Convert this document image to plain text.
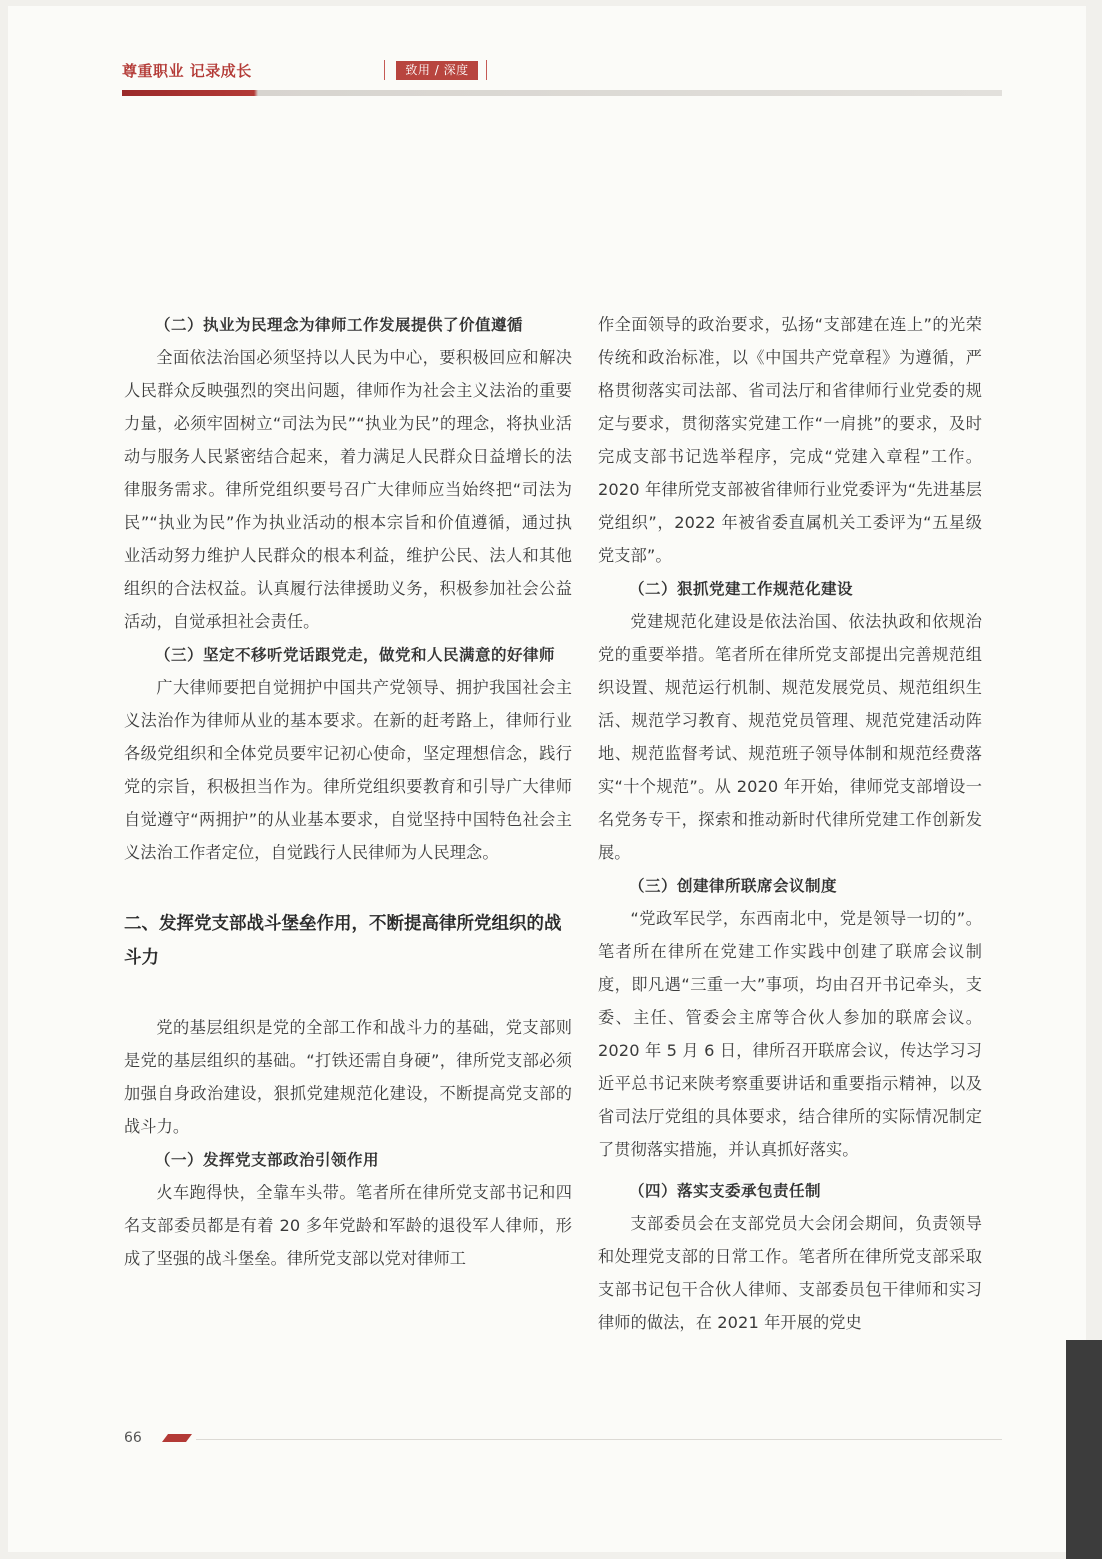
尊重职业 记录成长	致用 / 深度

（二）执业为民理念为律师工作发展提供了价值遵循

全面依法治国必须坚持以人民为中心，要积极回应和解决人民群众反映强烈的突出问题，律师作为社会主义法治的重要力量，必须牢固树立“司法为民”“执业为民”的理念，将执业活动与服务人民紧密结合起来，着力满足人民群众日益增长的法律服务需求。律所党组织要号召广大律师应当始终把“司法为民”“执业为民”作为执业活动的根本宗旨和价值遵循，通过执业活动努力维护人民群众的根本利益，维护公民、法人和其他组织的合法权益。认真履行法律援助义务，积极参加社会公益活动，自觉承担社会责任。

（三）坚定不移听党话跟党走，做党和人民满意的好律师

广大律师要把自觉拥护中国共产党领导、拥护我国社会主义法治作为律师从业的基本要求。在新的赶考路上，律师行业各级党组织和全体党员要牢记初心使命，坚定理想信念，践行党的宗旨，积极担当作为。律所党组织要教育和引导广大律师自觉遵守“两拥护”的从业基本要求，自觉坚持中国特色社会主义法治工作者定位，自觉践行人民律师为人民理念。

二、发挥党支部战斗堡垒作用，不断提高律所党组织的战斗力

党的基层组织是党的全部工作和战斗力的基础，党支部则是党的基层组织的基础。“打铁还需自身硬”，律所党支部必须加强自身政治建设，狠抓党建规范化建设，不断提高党支部的战斗力。

（一）发挥党支部政治引领作用

火车跑得快，全靠车头带。笔者所在律所党支部书记和四名支部委员都是有着 20 多年党龄和军龄的退役军人律师，形成了坚强的战斗堡垒。律所党支部以党对律师工

作全面领导的政治要求，弘扬“支部建在连上”的光荣传统和政治标准，以《中国共产党章程》为遵循，严格贯彻落实司法部、省司法厅和省律师行业党委的规定与要求，贯彻落实党建工作“一肩挑”的要求，及时完成支部书记选举程序，完成“党建入章程”工作。2020 年律所党支部被省律师行业党委评为“先进基层党组织”，2022 年被省委直属机关工委评为“五星级党支部”。

（二）狠抓党建工作规范化建设

党建规范化建设是依法治国、依法执政和依规治党的重要举措。笔者所在律所党支部提出完善规范组织设置、规范运行机制、规范发展党员、规范组织生活、规范学习教育、规范党员管理、规范党建活动阵地、规范监督考试、规范班子领导体制和规范经费落实“十个规范”。从 2020 年开始，律师党支部增设一名党务专干，探索和推动新时代律所党建工作创新发展。

（三）创建律所联席会议制度

“党政军民学，东西南北中，党是领导一切的”。笔者所在律所在党建工作实践中创建了联席会议制度，即凡遇“三重一大”事项，均由召开书记牵头，支委、主任、管委会主席等合伙人参加的联席会议。2020 年 5 月 6 日，律所召开联席会议，传达学习习近平总书记来陕考察重要讲话和重要指示精神，以及省司法厅党组的具体要求，结合律所的实际情况制定了贯彻落实措施，并认真抓好落实。

（四）落实支委承包责任制

支部委员会在支部党员大会闭会期间，负责领导和处理党支部的日常工作。笔者所在律所党支部采取支部书记包干合伙人律师、支部委员包干律师和实习律师的做法，在 2021 年开展的党史

66
